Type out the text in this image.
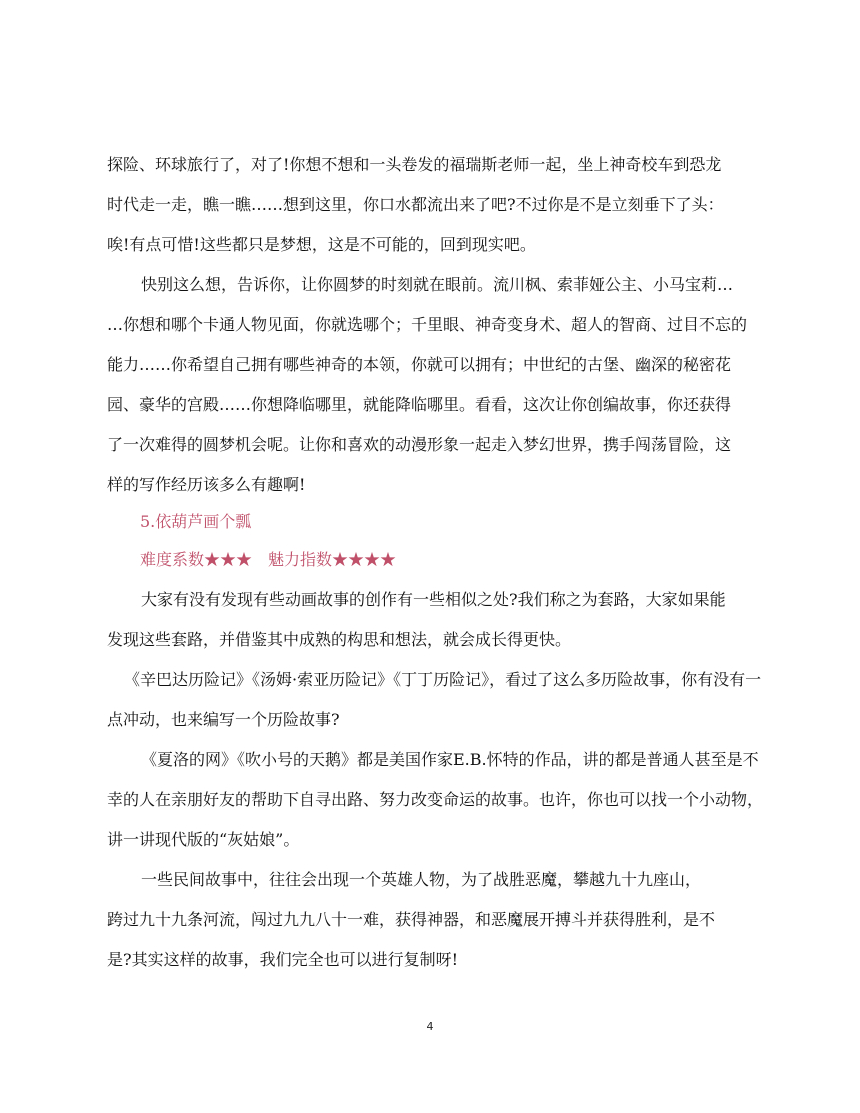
探险、环球旅行了，对了!你想不想和一头卷发的福瑞斯老师一起，坐上神奇校车到恐龙
时代走一走，瞧一瞧……想到这里，你口水都流出来了吧?不过你是不是立刻垂下了头：
唉!有点可惜!这些都只是梦想，这是不可能的，回到现实吧。
快别这么想，告诉你，让你圆梦的时刻就在眼前。流川枫、索菲娅公主、小马宝莉…
…你想和哪个卡通人物见面，你就选哪个；千里眼、神奇变身术、超人的智商、过目不忘的
能力……你希望自己拥有哪些神奇的本领，你就可以拥有；中世纪的古堡、幽深的秘密花
园、豪华的宫殿……你想降临哪里，就能降临哪里。看看，这次让你创编故事，你还获得
了一次难得的圆梦机会呢。让你和喜欢的动漫形象一起走入梦幻世界，携手闯荡冒险，这
样的写作经历该多么有趣啊!
5.依葫芦画个瓢
难度系数★★★　魅力指数★★★★
大家有没有发现有些动画故事的创作有一些相似之处?我们称之为套路，大家如果能
发现这些套路，并借鉴其中成熟的构思和想法，就会成长得更快。
《辛巴达历险记》《汤姆·索亚历险记》《丁丁历险记》，看过了这么多历险故事，你有没有一
点冲动，也来编写一个历险故事?
《夏洛的网》《吹小号的天鹅》都是美国作家E.B.怀特的作品，讲的都是普通人甚至是不
幸的人在亲朋好友的帮助下自寻出路、努力改变命运的故事。也许，你也可以找一个小动物，
讲一讲现代版的“灰姑娘”。
一些民间故事中，往往会出现一个英雄人物，为了战胜恶魔，攀越九十九座山，
跨过九十九条河流，闯过九九八十一难，获得神器，和恶魔展开搏斗并获得胜利，是不
是?其实这样的故事，我们完全也可以进行复制呀!
4
